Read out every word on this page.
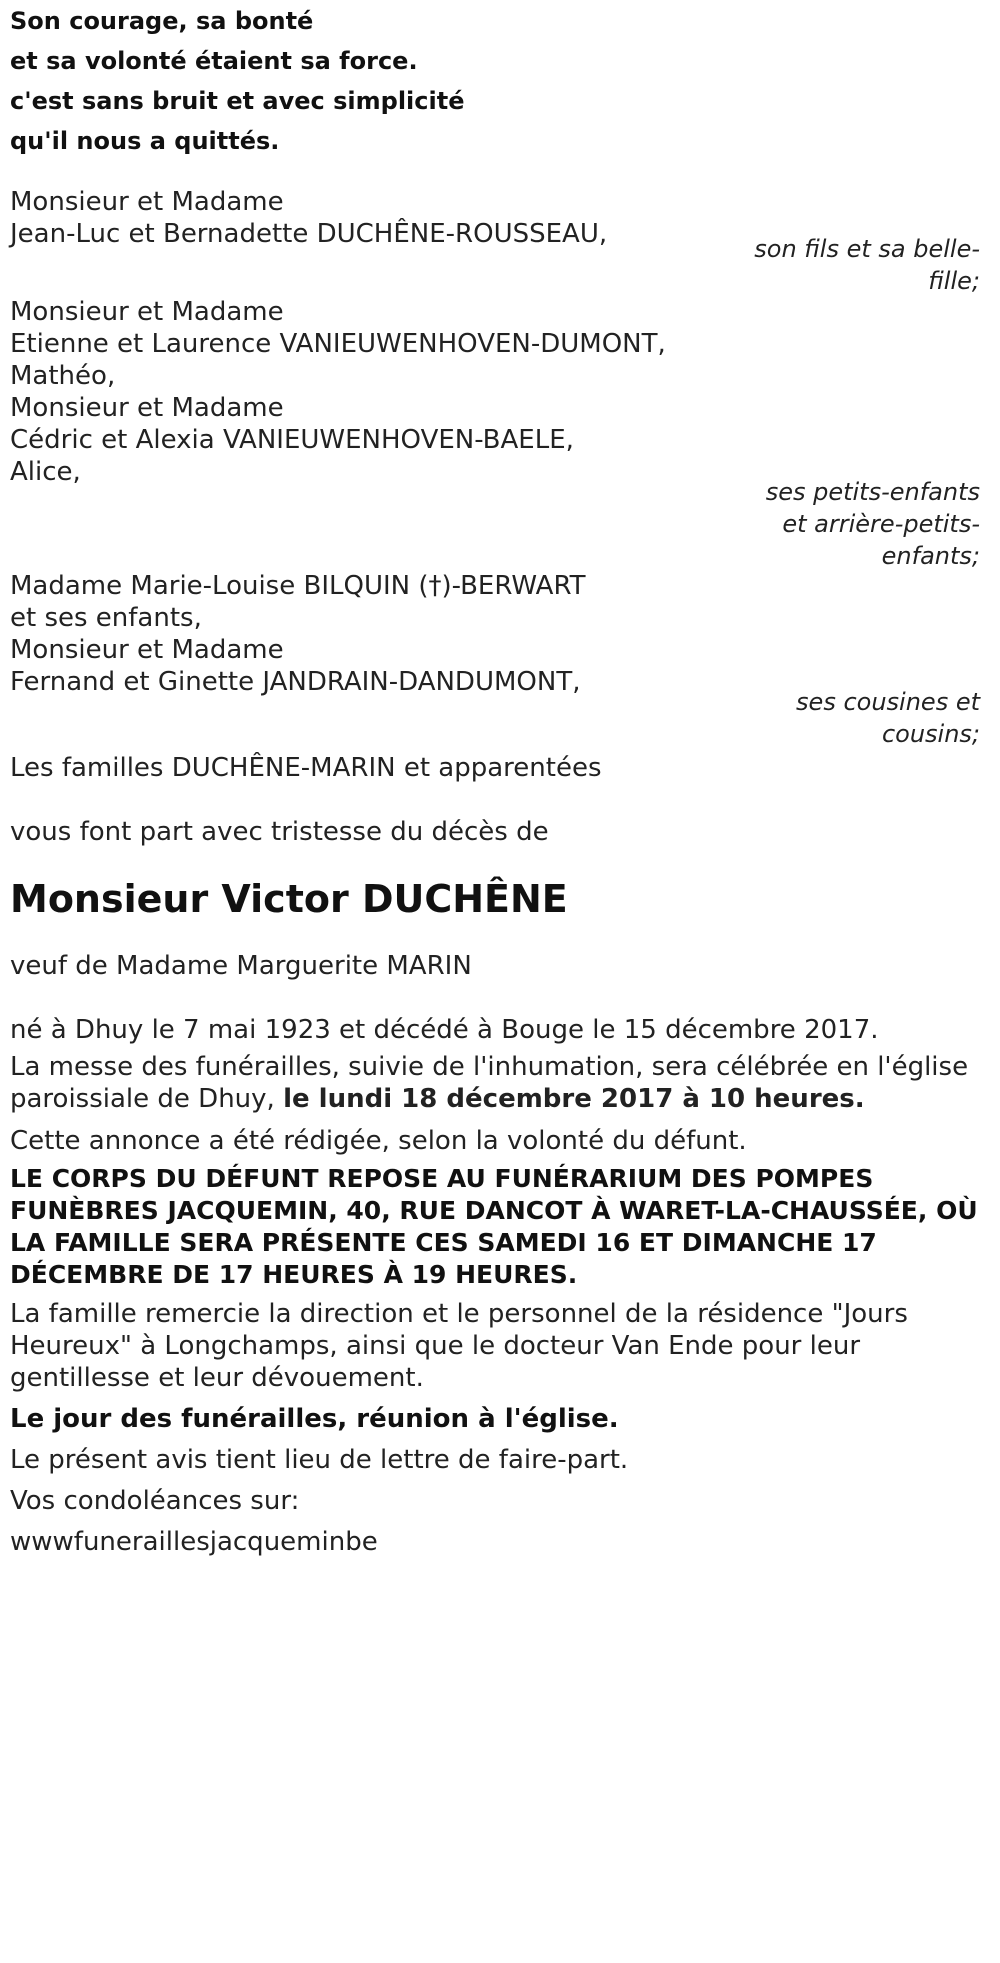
Son courage, sa bonté
et sa volonté étaient sa force.
c'est sans bruit et avec simplicité
qu'il nous a quittés.
Monsieur et Madame
Jean-Luc et Bernadette DUCHÊNE-ROUSSEAU,	son fils et sa belle-
fille;
Monsieur et Madame
Etienne et Laurence VANIEUWENHOVEN-DUMONT,
Mathéo,
Monsieur et Madame
Cédric et Alexia VANIEUWENHOVEN-BAELE,
Alice,
ses petits-enfants
et arrière-petits-
enfants;
Madame Marie-Louise BILQUIN (†)-BERWART
et ses enfants,
Monsieur et Madame
Fernand et Ginette JANDRAIN-DANDUMONT,
ses cousines et
cousins;
Les familles DUCHÊNE-MARIN et apparentées
vous font part avec tristesse du décès de
Monsieur Victor DUCHÊNE
veuf de Madame Marguerite MARIN
né à Dhuy le 7 mai 1923 et décédé à Bouge le 15 décembre 2017.
La messe des funérailles, suivie de l'inhumation, sera célébrée en l'église
paroissiale de Dhuy, le lundi 18 décembre 2017 à 10 heures.
Cette annonce a été rédigée, selon la volonté du défunt.
LE CORPS DU DÉFUNT REPOSE AU FUNÉRARIUM DES POMPES
FUNÈBRES JACQUEMIN, 40, RUE DANCOT À WARET-LA-CHAUSSÉE, OÙ
LA FAMILLE SERA PRÉSENTE CES SAMEDI 16 ET DIMANCHE 17
DÉCEMBRE DE 17 HEURES À 19 HEURES.
La famille remercie la direction et le personnel de la résidence "Jours
Heureux" à Longchamps, ainsi que le docteur Van Ende pour leur
gentillesse et leur dévouement.
Le jour des funérailles, réunion à l'église.
Le présent avis tient lieu de lettre de faire-part.
Vos condoléances sur:
wwwfuneraillesjacqueminbe
